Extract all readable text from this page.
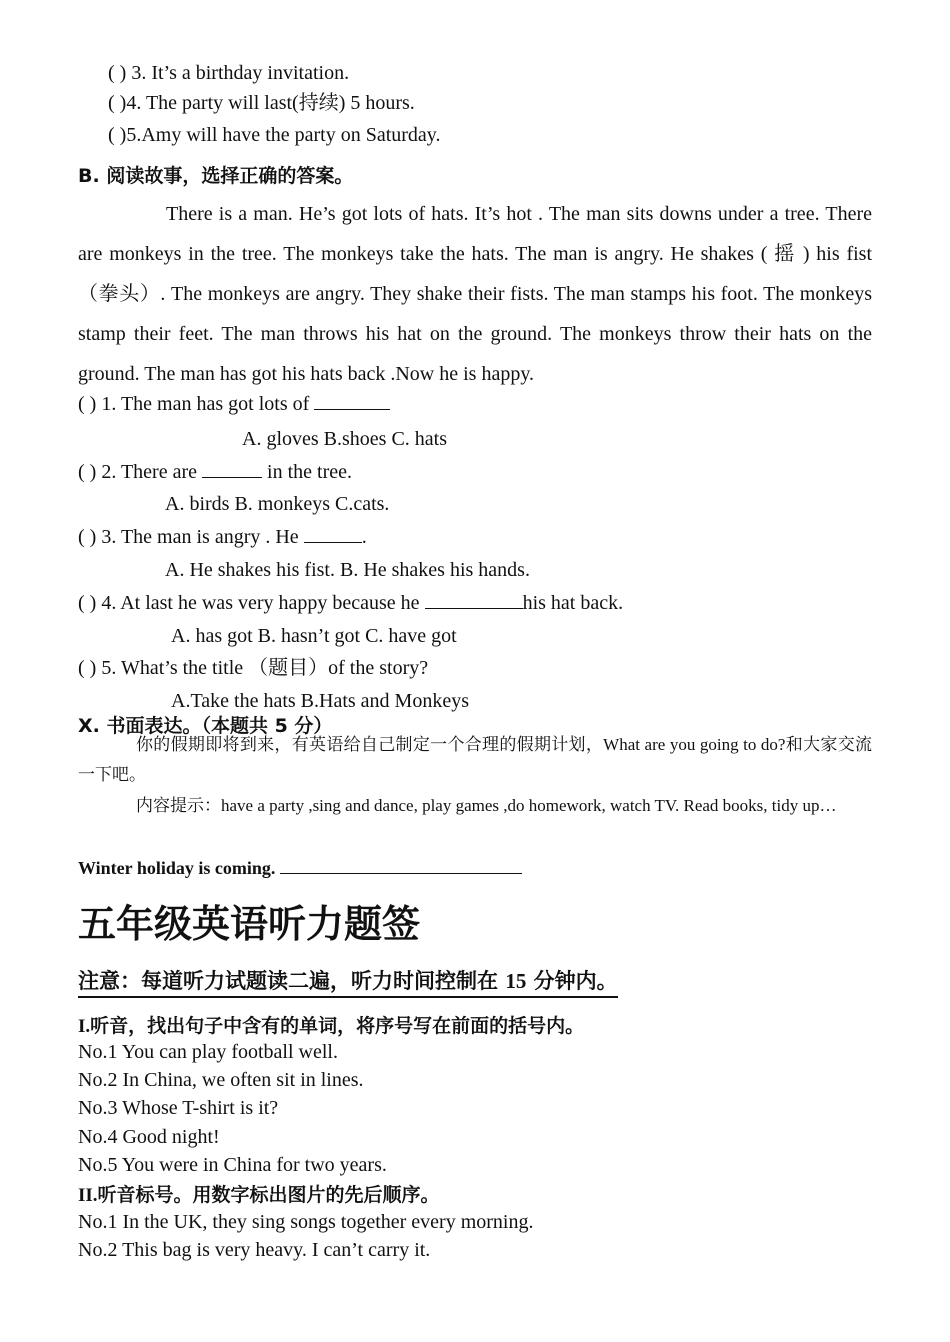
( ) 3. It’s a birthday invitation.
( )4. The party will last(持续) 5 hours.
( )5.Amy will have the party on Saturday.
B. 阅读故事，选择正确的答案。
There is a man. He’s got lots of hats. It’s hot . The man sits downs under a tree. There are monkeys in the tree. The monkeys take the hats. The man is angry. He shakes ( 摇 ) his fist（拳头）. The monkeys are angry. They shake their fists. The man stamps his foot. The monkeys stamp their feet. The man throws his hat on the ground. The monkeys throw their hats on the ground. The man has got his hats back .Now he is happy.
( ) 1. The man has got lots of
A. gloves B.shoes C. hats
( ) 2. There are	in the tree.
A. birds B. monkeys C.cats.
( ) 3. The man is angry . He	.
A. He shakes his fist. B. He shakes his hands.
( ) 4. At last he was very happy because he	his hat back.
A. has got B. hasn’t got C. have got
( ) 5. What’s the title （题目）of the story?
A.Take the hats B.Hats and Monkeys
Ⅹ. 书面表达。（本题共 5 分）
你的假期即将到来，有英语给自己制定一个合理的假期计划，What are you going to do?和大家交流一下吧。
内容提示：have a party ,sing and dance, play games ,do homework, watch TV. Read books, tidy up…
Winter holiday is coming.
五年级英语听力题签
注意：每道听力试题读二遍，听力时间控制在 15 分钟内。
I.听音，找出句子中含有的单词，将序号写在前面的括号内。
No.1 You can play football well.
No.2 In China, we often sit in lines.
No.3 Whose T-shirt is it?
No.4 Good night!
No.5 You were in China for two years.
II.听音标号。用数字标出图片的先后顺序。
No.1 In the UK, they sing songs together every morning.
No.2 This bag is very heavy. I can’t carry it.
